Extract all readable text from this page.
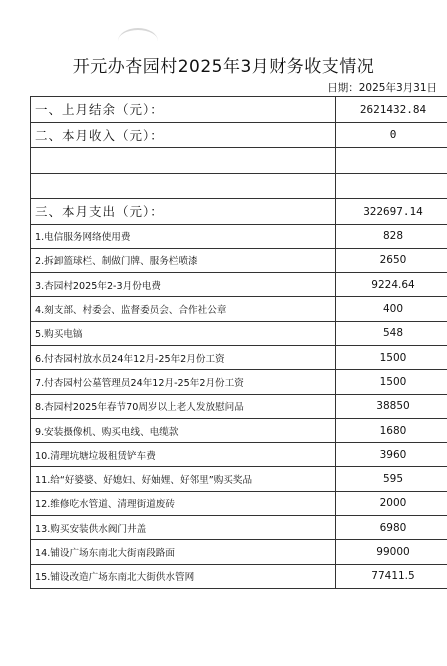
开元办杏园村2025年3月财务收支情况
日期：2025年3月31日
一、上月结余（元）：	2621432.84
二、本月收入（元）：	0

三、本月支出（元）：	322697.14
1.电信服务网络使用费	828
2.拆卸篮球栏、制做门牌、服务栏喷漆	2650
3.杏园村2025年2-3月份电费	9224.64
4.刻支部、村委会、监督委员会、合作社公章	400
5.购买电镐	548
6.付杏园村放水员24年12月-25年2月份工资	1500
7.付杏园村公墓管理员24年12月-25年2月份工资	1500
8.杏园村2025年春节70周岁以上老人发放慰问品	38850
9.安装摄像机、购买电线、电缆款	1680
10.清理坑塘垃圾租赁铲车费	3960
11.给“好婆婆、好媳妇、好妯娌、好邻里”购买奖品	595
12.维修吃水管道、清理街道废砖	2000
13.购买安装供水阀门井盖	6980
14.铺设广场东南北大街南段路面	99000
15.铺设改造广场东南北大街供水管网	77411.5
